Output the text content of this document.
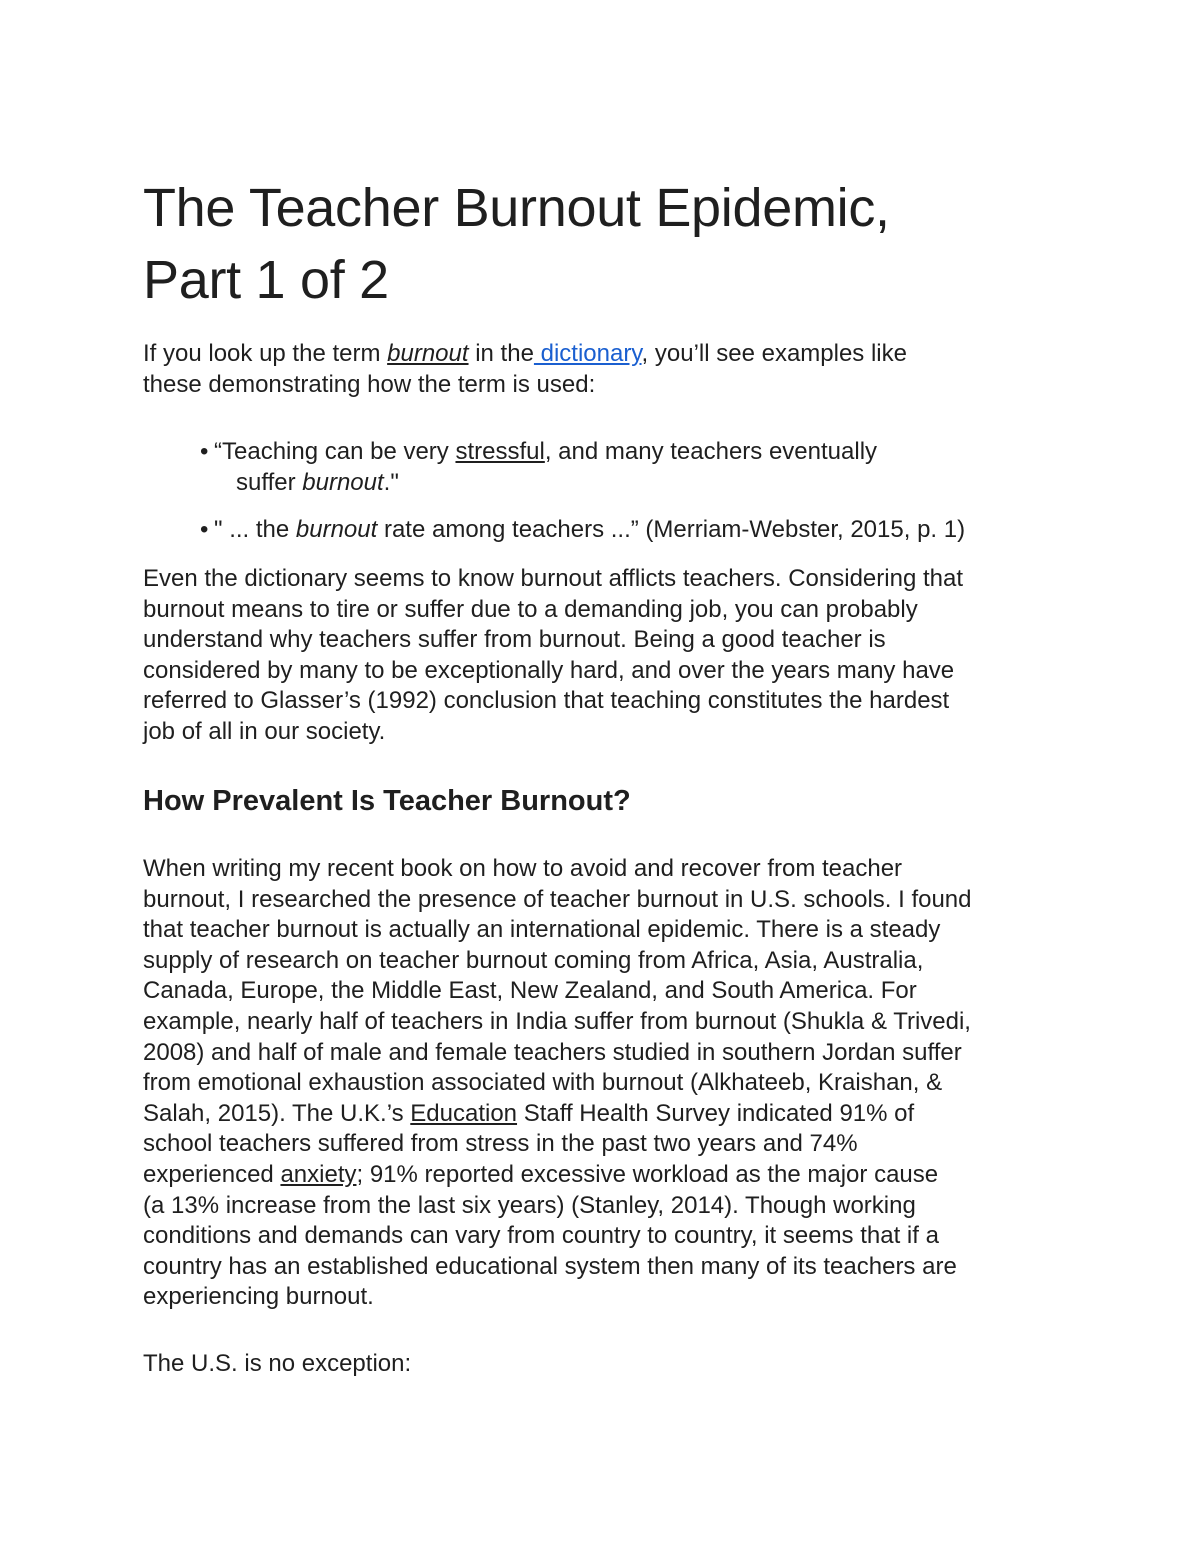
The Teacher Burnout Epidemic,
Part 1 of 2

If you look up the term burnout in the dictionary, you’ll see examples like
these demonstrating how the term is used:

• “Teaching can be very stressful, and many teachers eventually
suffer burnout."
• " ... the burnout rate among teachers ...” (Merriam-Webster, 2015, p. 1)

Even the dictionary seems to know burnout afflicts teachers. Considering that
burnout means to tire or suffer due to a demanding job, you can probably
understand why teachers suffer from burnout. Being a good teacher is
considered by many to be exceptionally hard, and over the years many have
referred to Glasser’s (1992) conclusion that teaching constitutes the hardest
job of all in our society.

How Prevalent Is Teacher Burnout?

When writing my recent book on how to avoid and recover from teacher
burnout, I researched the presence of teacher burnout in U.S. schools. I found
that teacher burnout is actually an international epidemic. There is a steady
supply of research on teacher burnout coming from Africa, Asia, Australia,
Canada, Europe, the Middle East, New Zealand, and South America. For
example, nearly half of teachers in India suffer from burnout (Shukla & Trivedi,
2008) and half of male and female teachers studied in southern Jordan suffer
from emotional exhaustion associated with burnout (Alkhateeb, Kraishan, &
Salah, 2015). The U.K.’s Education Staff Health Survey indicated 91% of
school teachers suffered from stress in the past two years and 74%
experienced anxiety; 91% reported excessive workload as the major cause
(a 13% increase from the last six years) (Stanley, 2014). Though working
conditions and demands can vary from country to country, it seems that if a
country has an established educational system then many of its teachers are
experiencing burnout.

The U.S. is no exception:
